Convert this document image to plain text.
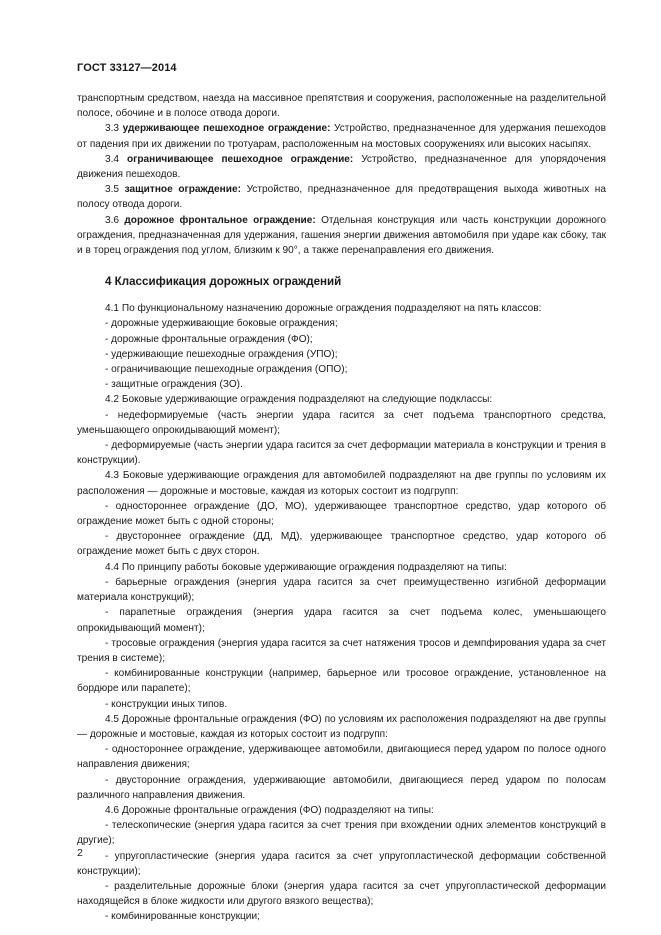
ГОСТ 33127—2014

транспортным средством, наезда на массивное препятствия и сооружения, расположенные на разделительной полосе, обочине и в полосе отвода дороги.

3.3 удерживающее пешеходное ограждение: Устройство, предназначенное для удержания пешеходов от падения при их движении по тротуарам, расположенным на мостовых сооружениях или высоких насыпях.

3.4 ограничивающее пешеходное ограждение: Устройство, предназначенное для упорядочения движения пешеходов.

3.5 защитное ограждение: Устройство, предназначенное для предотвращения выхода животных на полосу отвода дороги.

3.6 дорожное фронтальное ограждение: Отдельная конструкция или часть конструкции дорожного ограждения, предназначенная для удержания, гашения энергии движения автомобиля при ударе как сбоку, так и в торец ограждения под углом, близким к 90°, а также перенаправления его движения.

4 Классификация дорожных ограждений

4.1 По функциональному назначению дорожные ограждения подразделяют на пять классов:

- дорожные удерживающие боковые ограждения;

- дорожные фронтальные ограждения (ФО);

- удерживающие пешеходные ограждения (УПО);

- ограничивающие пешеходные ограждения (ОПО);

- защитные ограждения (ЗО).

4.2 Боковые удерживающие ограждения подразделяют на следующие подклассы:

- недеформируемые (часть энергии удара гасится за счет подъема транспортного средства, уменьшающего опрокидывающий момент);

- деформируемые (часть энергии удара гасится за счет деформации материала в конструкции и трения в конструкции).

4.3 Боковые удерживающие ограждения для автомобилей подразделяют на две группы по условиям их расположения — дорожные и мостовые, каждая из которых состоит из подгрупп:

- одностороннее ограждение (ДО, МО), удерживающее транспортное средство, удар которого об ограждение может быть с одной стороны;

- двустороннее ограждение (ДД, МД), удерживающее транспортное средство, удар которого об ограждение может быть с двух сторон.

4.4 По принципу работы боковые удерживающие ограждения подразделяют на типы:

- барьерные ограждения (энергия удара гасится за счет преимущественно изгибной деформации материала конструкций);

- парапетные ограждения (энергия удара гасится за счет подъема колес, уменьшающего опрокидывающий момент);

- тросовые ограждения (энергия удара гасится за счет натяжения тросов и демпфирования удара за счет трения в системе);

- комбинированные конструкции (например, барьерное или тросовое ограждение, установленное на бордюре или парапете);

- конструкции иных типов.

4.5 Дорожные фронтальные ограждения (ФО) по условиям их расположения подразделяют на две группы — дорожные и мостовые, каждая из которых состоит из подгрупп:

- одностороннее ограждение, удерживающее автомобили, двигающиеся перед ударом по полосе одного направления движения;

- двусторонние ограждения, удерживающие автомобили, двигающиеся перед ударом по полосам различного направления движения.

4.6 Дорожные фронтальные ограждения (ФО) подразделяют на типы:

- телескопические (энергия удара гасится за счет трения при вхождении одних элементов конструкций в другие);

- упругопластические (энергия удара гасится за счет упругопластической деформации собственной конструкции);

- разделительные дорожные блоки (энергия удара гасится за счет упругопластической деформации находящейся в блоке жидкости или другого вязкого вещества);

- комбинированные конструкции;

2
